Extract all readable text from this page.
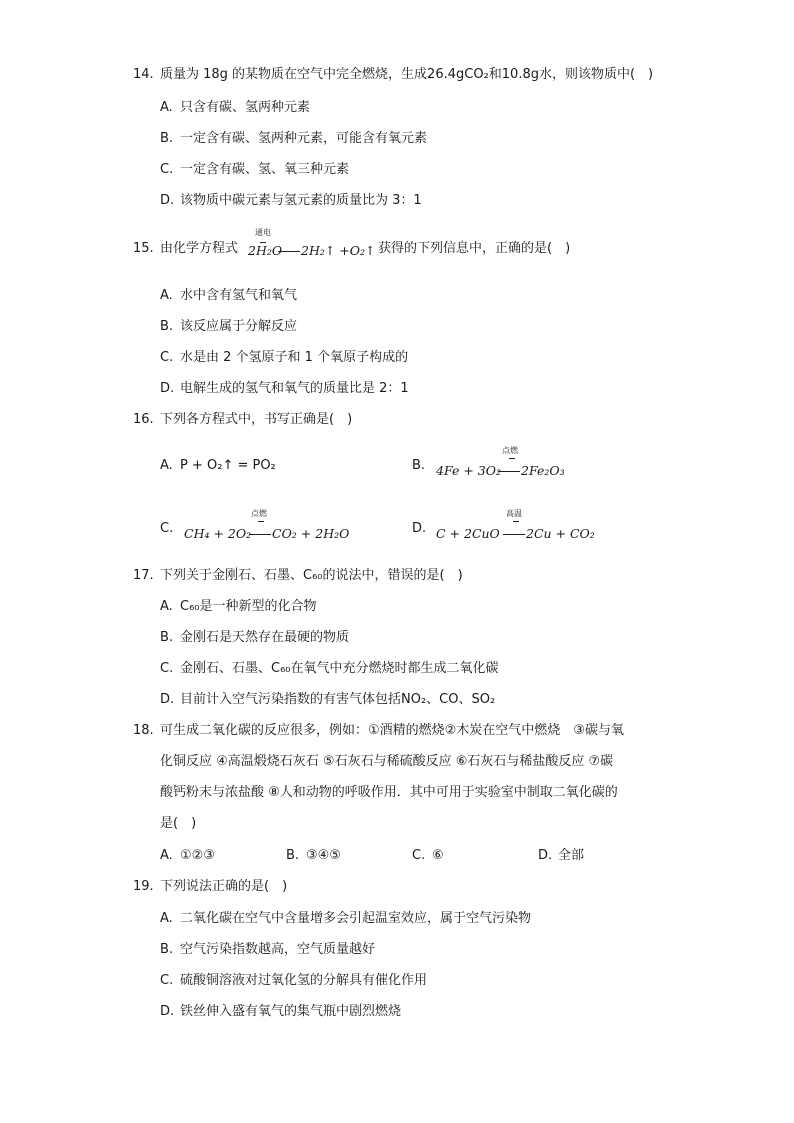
14. 质量为 18g 的某物质在空气中完全燃烧，生成26.4gCO₂和10.8g水，则该物质中(　)
A. 只含有碳、氢两种元素
B. 一定含有碳、氢两种元素，可能含有氧元素
C. 一定含有碳、氢、氧三种元素
D. 该物质中碳元素与氢元素的质量比为 3：1
15. 由化学方程式
通电
2H₂O 2H₂↑ +O₂↑ 获得的下列信息中，正确的是(　)
A. 水中含有氢气和氧气
B. 该反应属于分解反应
C. 水是由 2 个氢原子和 1 个氧原子构成的
D. 电解生成的氢气和氧气的质量比是 2：1
16. 下列各方程式中，书写正确是(　)
A. P + O₂↑ = PO₂	B.
点燃
4Fe + 3O₂ 2Fe₂O₃
C.
点燃
CH₄ + 2O₂ CO₂ + 2H₂O	D.
高温
C + 2CuO 2Cu + CO₂
17. 下列关于金刚石、石墨、C₆₀的说法中，错误的是(　)
A. C₆₀是一种新型的化合物
B. 金刚石是天然存在最硬的物质
C. 金刚石、石墨、C₆₀在氧气中充分燃烧时都生成二氧化碳
D. 目前计入空气污染指数的有害气体包括NO₂、CO、SO₂
18. 可生成二氧化碳的反应很多，例如：①酒精的燃烧②木炭在空气中燃烧　③碳与氧
化铜反应 ④高温煅烧石灰石 ⑤石灰石与稀硫酸反应 ⑥石灰石与稀盐酸反应 ⑦碳
酸钙粉末与浓盐酸 ⑧人和动物的呼吸作用．其中可用于实验室中制取二氧化碳的
是(　)
A. ①②③	B. ③④⑤	C. ⑥	D. 全部
19. 下列说法正确的是(　)
A. 二氧化碳在空气中含量增多会引起温室效应，属于空气污染物
B. 空气污染指数越高，空气质量越好
C. 硫酸铜溶液对过氧化氢的分解具有催化作用
D. 铁丝伸入盛有氧气的集气瓶中剧烈燃烧
